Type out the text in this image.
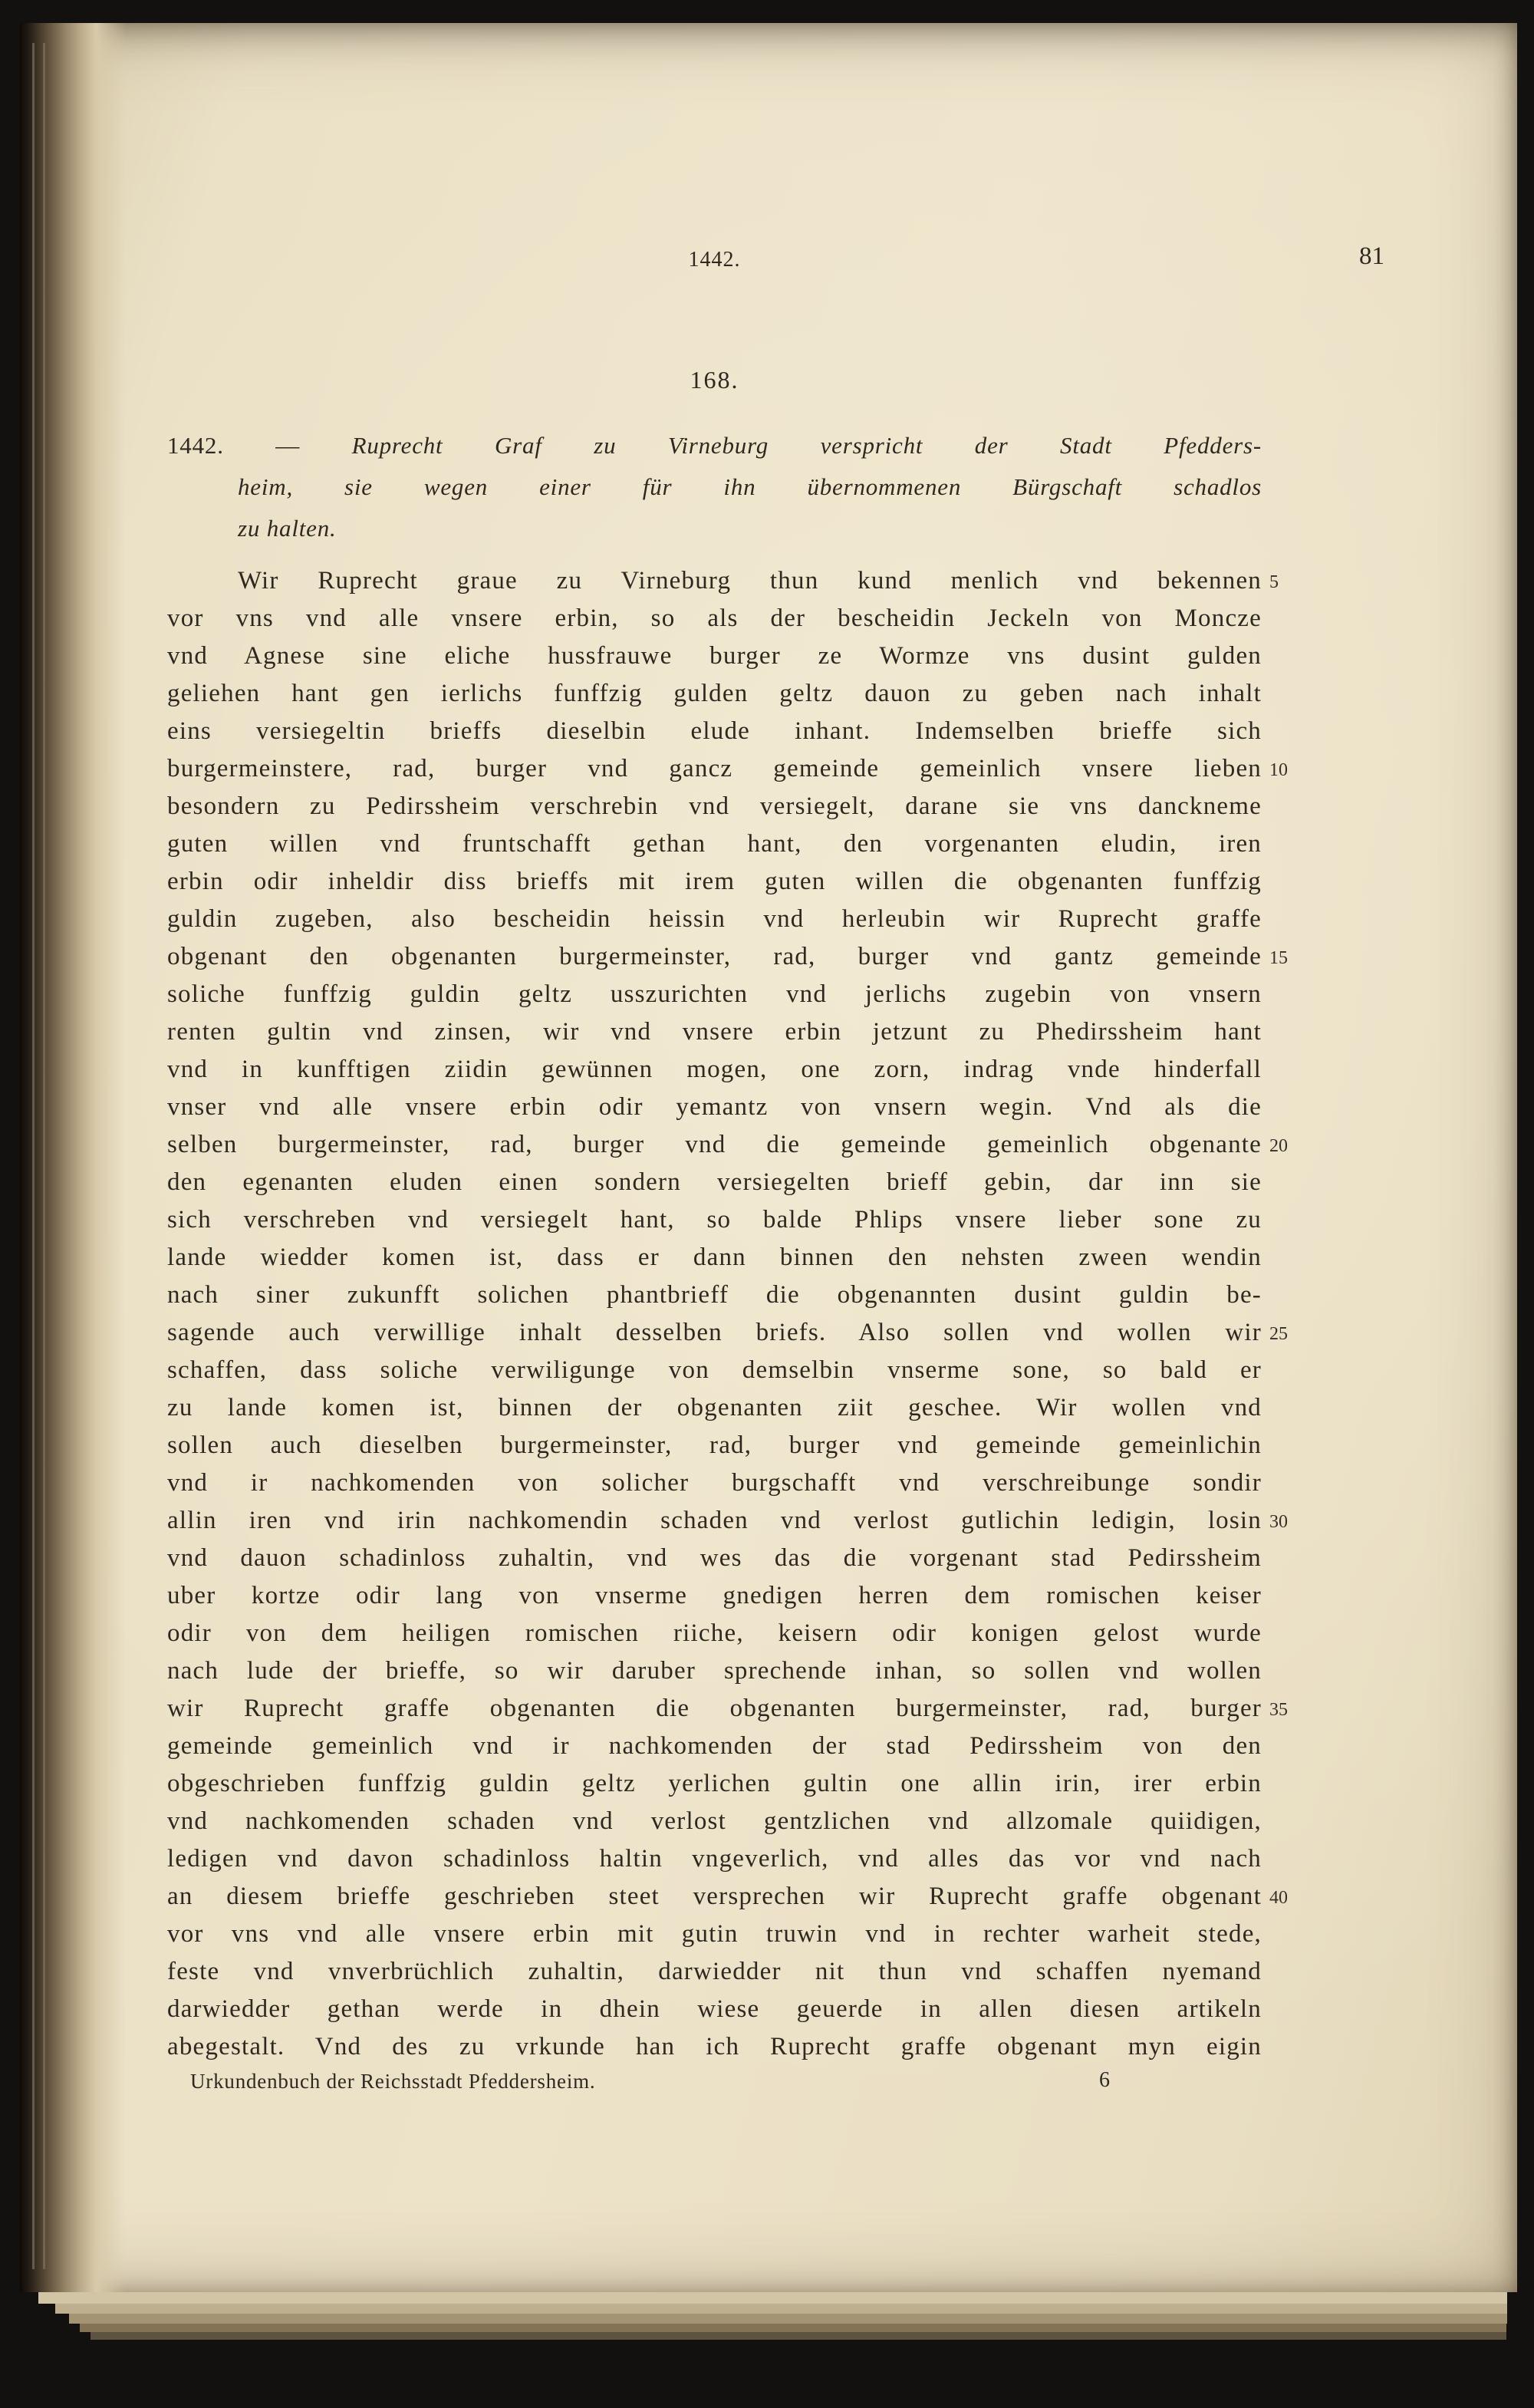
1442.	81
168.
1442. — Ruprecht Graf zu Virneburg verspricht der Stadt Pfedders-
heim, sie wegen einer für ihn übernommenen Bürgschaft schadlos
zu halten.
Wir Ruprecht graue zu Virneburg thun kund menlich vnd bekennen 5
vor vns vnd alle vnsere erbin, so als der bescheidin Jeckeln von Moncze
vnd Agnese sine eliche hussfrauwe burger ze Wormze vns dusint gulden
geliehen hant gen ierlichs funffzig gulden geltz dauon zu geben nach inhalt
eins versiegeltin brieffs dieselbin elude inhant. Indemselben brieffe sich
burgermeinstere, rad, burger vnd gancz gemeinde gemeinlich vnsere lieben 10
besondern zu Pedirssheim verschrebin vnd versiegelt, darane sie vns danckneme
guten willen vnd fruntschafft gethan hant, den vorgenanten eludin, iren
erbin odir inheldir diss brieffs mit irem guten willen die obgenanten funffzig
guldin zugeben, also bescheidin heissin vnd herleubin wir Ruprecht graffe
obgenant den obgenanten burgermeinster, rad, burger vnd gantz gemeinde 15
soliche funffzig guldin geltz usszurichten vnd jerlichs zugebin von vnsern
renten gultin vnd zinsen, wir vnd vnsere erbin jetzunt zu Phedirssheim hant
vnd in kunfftigen ziidin gewünnen mogen, one zorn, indrag vnde hinderfall
vnser vnd alle vnsere erbin odir yemantz von vnsern wegin. Vnd als die
selben burgermeinster, rad, burger vnd die gemeinde gemeinlich obgenante 20
den egenanten eluden einen sondern versiegelten brieff gebin, dar inn sie
sich verschreben vnd versiegelt hant, so balde Phlips vnsere lieber sone zu
lande wiedder komen ist, dass er dann binnen den nehsten zween wendin
nach siner zukunfft solichen phantbrieff die obgenannten dusint guldin be-
sagende auch verwillige inhalt desselben briefs. Also sollen vnd wollen wir 25
schaffen, dass soliche verwiligunge von demselbin vnserme sone, so bald er
zu lande komen ist, binnen der obgenanten ziit geschee. Wir wollen vnd
sollen auch dieselben burgermeinster, rad, burger vnd gemeinde gemeinlichin
vnd ir nachkomenden von solicher burgschafft vnd verschreibunge sondir
allin iren vnd irin nachkomendin schaden vnd verlost gutlichin ledigin, losin 30
vnd dauon schadinloss zuhaltin, vnd wes das die vorgenant stad Pedirssheim
uber kortze odir lang von vnserme gnedigen herren dem romischen keiser
odir von dem heiligen romischen riiche, keisern odir konigen gelost wurde
nach lude der brieffe, so wir daruber sprechende inhan, so sollen vnd wollen
wir Ruprecht graffe obgenanten die obgenanten burgermeinster, rad, burger 35
gemeinde gemeinlich vnd ir nachkomenden der stad Pedirssheim von den
obgeschrieben funffzig guldin geltz yerlichen gultin one allin irin, irer erbin
vnd nachkomenden schaden vnd verlost gentzlichen vnd allzomale quiidigen,
ledigen vnd davon schadinloss haltin vngeverlich, vnd alles das vor vnd nach
an diesem brieffe geschrieben steet versprechen wir Ruprecht graffe obgenant 40
vor vns vnd alle vnsere erbin mit gutin truwin vnd in rechter warheit stede,
feste vnd vnverbrüchlich zuhaltin, darwiedder nit thun vnd schaffen nyemand
darwiedder gethan werde in dhein wiese geuerde in allen diesen artikeln
abegestalt. Vnd des zu vrkunde han ich Ruprecht graffe obgenant myn eigin
Urkundenbuch der Reichsstadt Pfeddersheim.	6
